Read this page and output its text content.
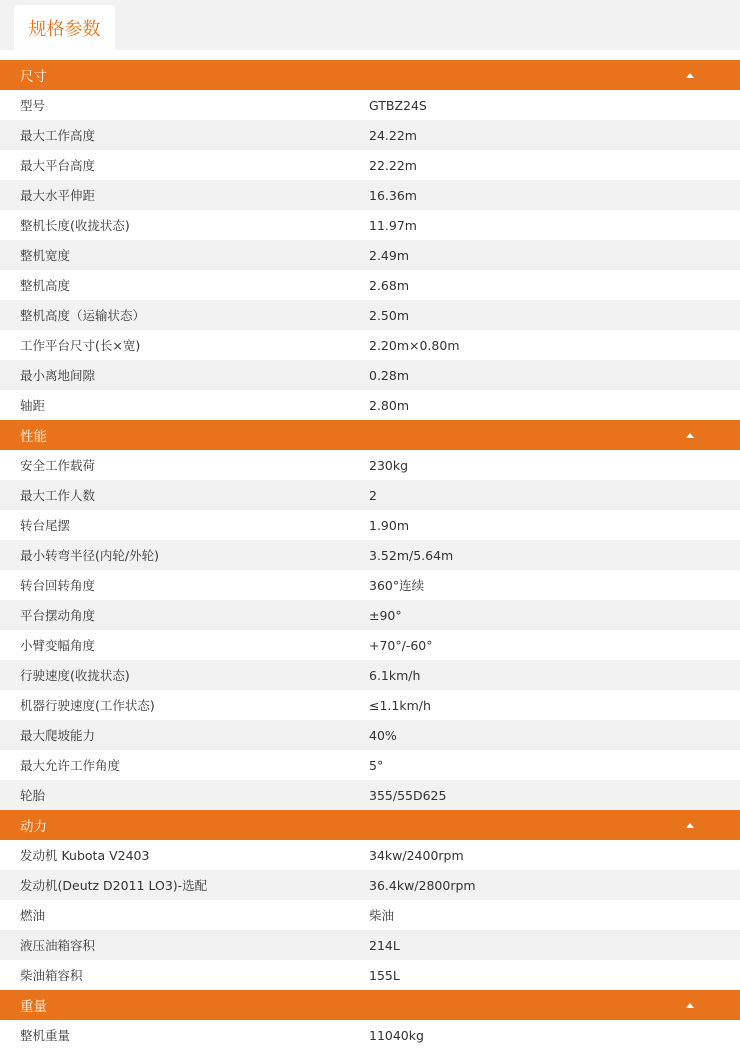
规格参数
尺寸
型号	GTBZ24S
最大工作高度	24.22m
最大平台高度	22.22m
最大水平伸距	16.36m
整机长度(收拢状态)	11.97m
整机宽度	2.49m
整机高度	2.68m
整机高度（运输状态）	2.50m
工作平台尺寸(长×宽)	2.20m×0.80m
最小离地间隙	0.28m
轴距	2.80m
性能
安全工作载荷	230kg
最大工作人数	2
转台尾摆	1.90m
最小转弯半径(内轮/外轮)	3.52m/5.64m
转台回转角度	360°连续
平台摆动角度	±90°
小臂变幅角度	+70°/-60°
行驶速度(收拢状态)	6.1km/h
机器行驶速度(工作状态)	≤1.1km/h
最大爬坡能力	40%
最大允许工作角度	5°
轮胎	355/55D625
动力
发动机 Kubota V2403	34kw/2400rpm
发动机(Deutz D2011 LO3)-选配	36.4kw/2800rpm
燃油	柴油
液压油箱容积	214L
柴油箱容积	155L
重量
整机重量	11040kg
